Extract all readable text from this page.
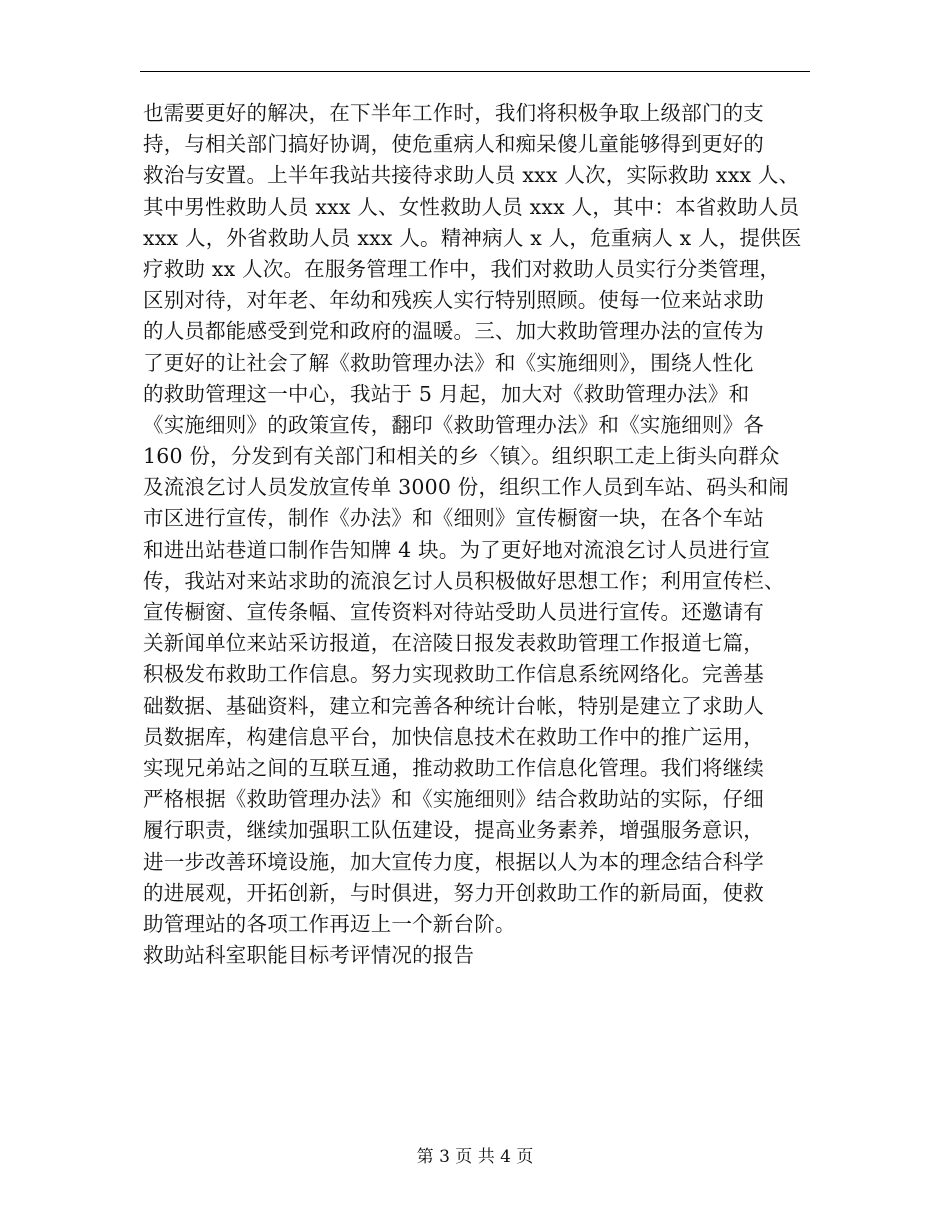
也需要更好的解决，在下半年工作时，我们将积极争取上级部门的支
持，与相关部门搞好协调，使危重病人和痴呆傻儿童能够得到更好的
救治与安置。上半年我站共接待求助人员 xxx 人次，实际救助 xxx 人、
其中男性救助人员 xxx 人、女性救助人员 xxx 人，其中：本省救助人员
xxx 人，外省救助人员 xxx 人。精神病人 x 人，危重病人 x 人，提供医
疗救助 xx 人次。在服务管理工作中，我们对救助人员实行分类管理，
区别对待，对年老、年幼和残疾人实行特别照顾。使每一位来站求助
的人员都能感受到党和政府的温暖。三、加大救助管理办法的宣传为
了更好的让社会了解《救助管理办法》和《实施细则》，围绕人性化
的救助管理这一中心，我站于 5 月起，加大对《救助管理办法》和
《实施细则》的政策宣传，翻印《救助管理办法》和《实施细则》各
160 份，分发到有关部门和相关的乡〈镇〉。组织职工走上街头向群众
及流浪乞讨人员发放宣传单 3000 份，组织工作人员到车站、码头和闹
市区进行宣传，制作《办法》和《细则》宣传橱窗一块，在各个车站
和进出站巷道口制作告知牌 4 块。为了更好地对流浪乞讨人员进行宣
传，我站对来站求助的流浪乞讨人员积极做好思想工作；利用宣传栏、
宣传橱窗、宣传条幅、宣传资料对待站受助人员进行宣传。还邀请有
关新闻单位来站采访报道，在涪陵日报发表救助管理工作报道七篇，
积极发布救助工作信息。努力实现救助工作信息系统网络化。完善基
础数据、基础资料，建立和完善各种统计台帐，特别是建立了求助人
员数据库，构建信息平台，加快信息技术在救助工作中的推广运用，
实现兄弟站之间的互联互通，推动救助工作信息化管理。我们将继续
严格根据《救助管理办法》和《实施细则》结合救助站的实际，仔细
履行职责，继续加强职工队伍建设，提高业务素养，增强服务意识，
进一步改善环境设施，加大宣传力度，根据以人为本的理念结合科学
的进展观，开拓创新，与时俱进，努力开创救助工作的新局面，使救
助管理站的各项工作再迈上一个新台阶。
救助站科室职能目标考评情况的报告
第 3 页 共 4 页
